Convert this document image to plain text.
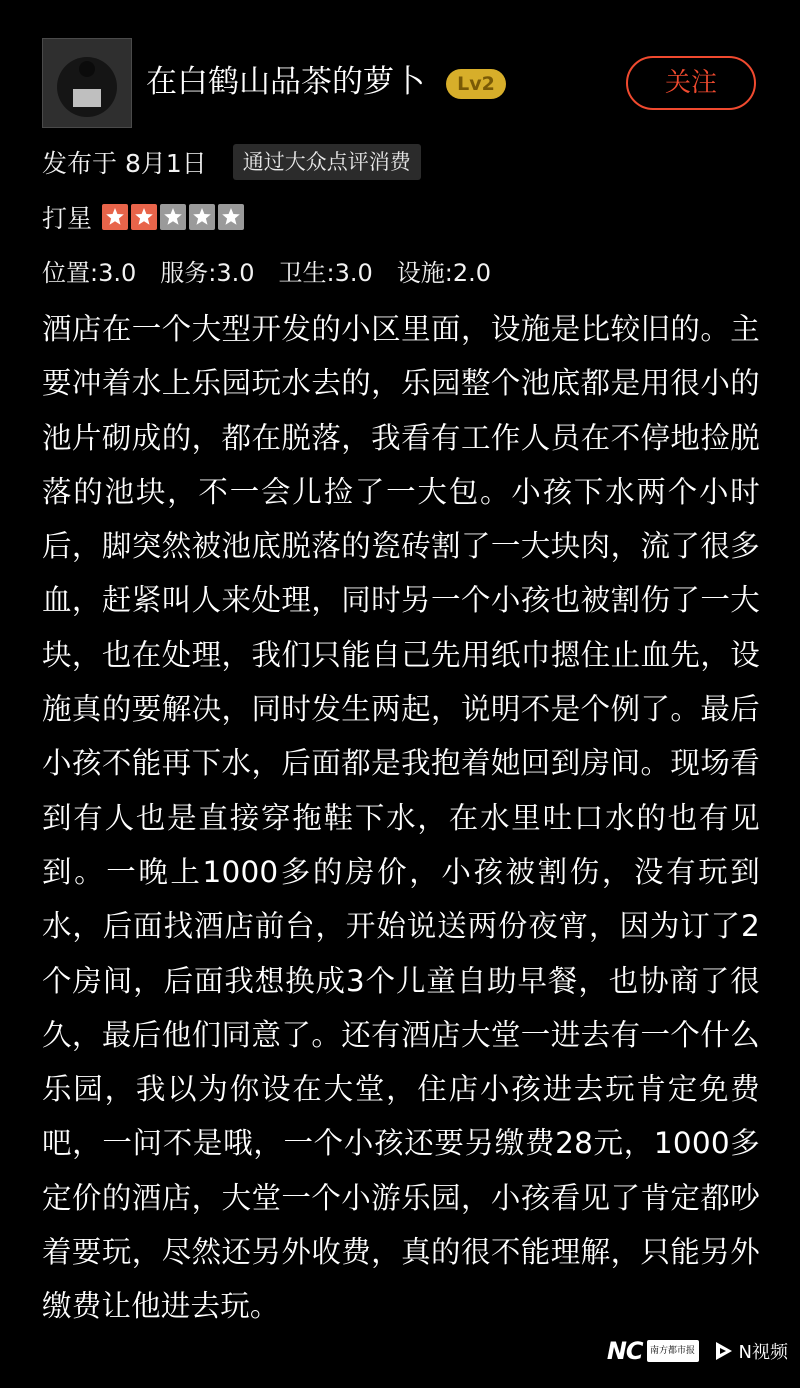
在白鹤山品茶的萝卜	Lv2	关注
发布于 8月1日	通过大众点评消费
打星
位置:3.0 服务:3.0 卫生:3.0 设施:2.0
酒店在一个大型开发的小区里面，设施是比较旧的。主要冲着水上乐园玩水去的，乐园整个池底都是用很小的池片砌成的，都在脱落，我看有工作人员在不停地捡脱落的池块，不一会儿捡了一大包。小孩下水两个小时后，脚突然被池底脱落的瓷砖割了一大块肉，流了很多血，赶紧叫人来处理，同时另一个小孩也被割伤了一大块，也在处理，我们只能自己先用纸巾摁住止血先，设施真的要解决，同时发生两起，说明不是个例了。最后小孩不能再下水，后面都是我抱着她回到房间。现场看到有人也是直接穿拖鞋下水，在水里吐口水的也有见到。一晚上1000多的房价，小孩被割伤，没有玩到水，后面找酒店前台，开始说送两份夜宵，因为订了2个房间，后面我想换成3个儿童自助早餐，也协商了很久，最后他们同意了。还有酒店大堂一进去有一个什么乐园，我以为你设在大堂，住店小孩进去玩肯定免费吧，一问不是哦，一个小孩还要另缴费28元，1000多定价的酒店，大堂一个小游乐园，小孩看见了肯定都吵着要玩，尽然还另外收费，真的很不能理解，只能另外缴费让他进去玩。
NC 南方都市报 N视频
